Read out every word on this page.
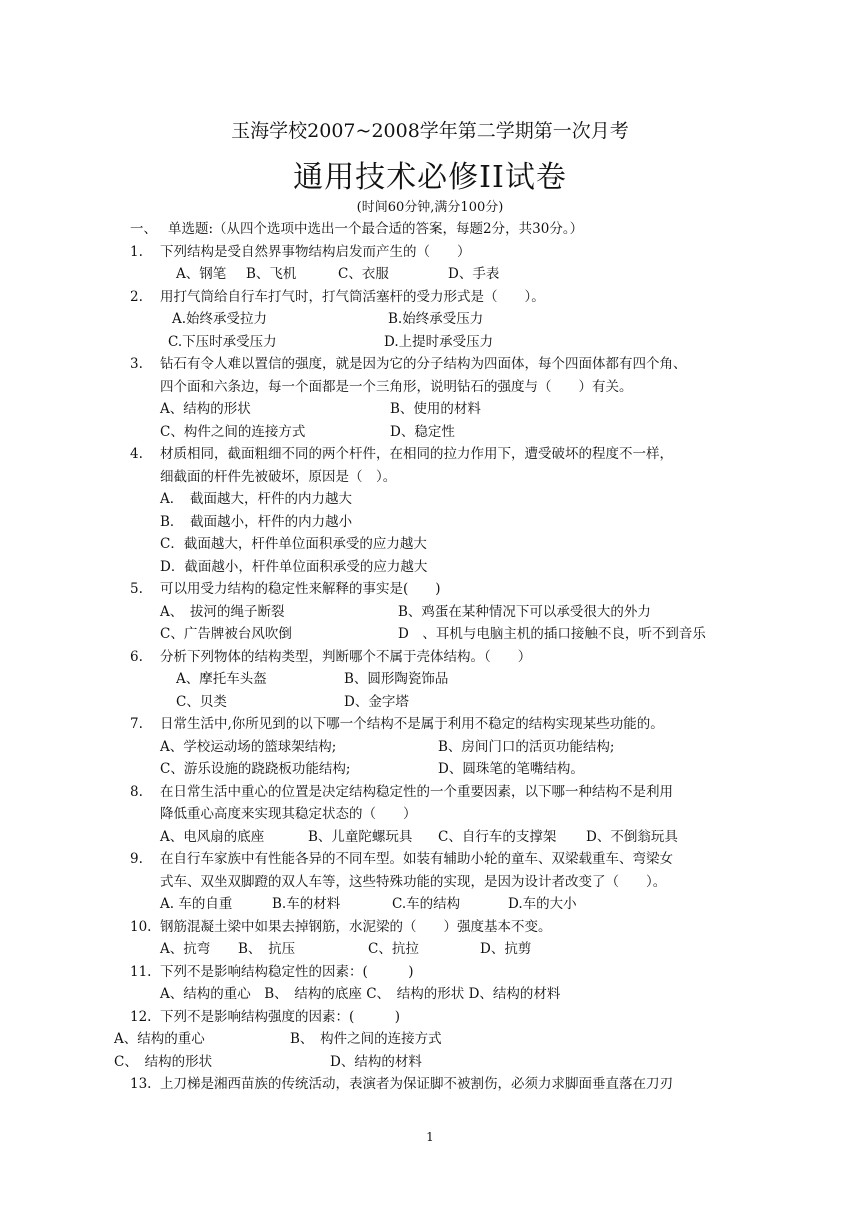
玉海学校2007~2008学年第二学期第一次月考
通用技术必修II试卷
(时间60分钟,满分100分)
一、 单选题:（从四个选项中选出一个最合适的答案，每题2分，共30分。）
1. 下列结构是受自然界事物结构启发而产生的（　　）
A、钢笔 B、飞机	C、衣服	D、手表
2. 用打气筒给自行车打气时，打气筒活塞杆的受力形式是（　　）。
A.始终承受拉力	B.始终承受压力
C.下压时承受压力	D.上提时承受压力
3. 钻石有令人难以置信的强度，就是因为它的分子结构为四面体，每个四面体都有四个角、
四个面和六条边，每一个面都是一个三角形，说明钻石的强度与（　　）有关。
A、结构的形状	B、使用的材料
C、构件之间的连接方式	D、稳定性
4. 材质相同，截面粗细不同的两个杆件，在相同的拉力作用下，遭受破坏的程度不一样，
细截面的杆件先被破坏，原因是（　）。
A．　截面越大，杆件的内力越大
B．　截面越小，杆件的内力越小
C．截面越大，杆件单位面积承受的应力越大
D．截面越小，杆件单位面积承受的应力越大
5. 可以用受力结构的稳定性来解释的事实是(　　)
A、　拔河的绳子断裂	B、鸡蛋在某种情况下可以承受很大的外力
C、广告牌被台风吹倒	D　、耳机与电脑主机的插口接触不良，听不到音乐
6. 分析下列物体的结构类型，判断哪个不属于壳体结构。（　　）
A、摩托车头盔	B、圆形陶瓷饰品
C、贝类	D、金字塔
7. 日常生活中,你所见到的以下哪一个结构不是属于利用不稳定的结构实现某些功能的。
A、学校运动场的篮球架结构;	B、房间门口的活页功能结构;
C、游乐设施的跷跷板功能结构;	D、圆珠笔的笔嘴结构。
8. 在日常生活中重心的位置是决定结构稳定性的一个重要因素，以下哪一种结构不是利用
降低重心高度来实现其稳定状态的（　　）
A、电风扇的底座	B、儿童陀螺玩具 C、自行车的支撑架 D、不倒翁玩具
9. 在自行车家族中有性能各异的不同车型。如装有辅助小轮的童车、双梁载重车、弯梁女
式车、双坐双脚蹬的双人车等，这些特殊功能的实现，是因为设计者改变了（　　）。
A. 车的自重	B.车的材料	C.车的结构	D.车的大小
10. 钢筋混凝土梁中如果去掉钢筋，水泥梁的（　　）强度基本不变。
A、抗弯 B、　抗压	C、抗拉	D、抗剪
11. 下列不是影响结构稳定性的因素：(　　　)
A、结构的重心　B、　结构的底座 C、　结构的形状 D、结构的材料
12. 下列不是影响结构强度的因素：(　　　)
A、结构的重心	B、　构件之间的连接方式
C、　结构的形状	D、结构的材料
13. 上刀梯是湘西苗族的传统活动，表演者为保证脚不被割伤，必须力求脚面垂直落在刀刃
1
